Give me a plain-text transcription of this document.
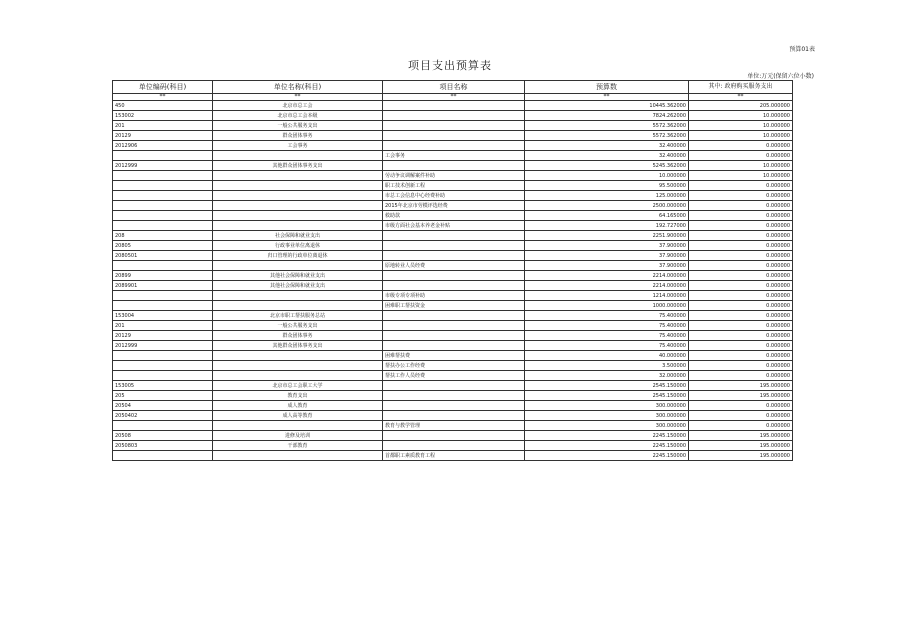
预算01表
项目支出预算表
单位:万元(保留六位小数)
单位编码(科目)	单位名称(科目)	项目名称	预算数	其中: 政府购买服务支出
**	**	**	**	**
450	北京市总工会		10445.362000	205.000000
153002	北京市总工会本级		7824.262000	10.000000
201	一般公共服务支出		5572.362000	10.000000
20129	群众团体事务		5572.362000	10.000000
2012906	工会事务		32.400000	0.000000
		工会事务	32.400000	0.000000
2012999	其他群众团体事务支出		5245.362000	10.000000
		劳动争议调解案件补助	10.000000	10.000000
		职工技术创新工程	95.500000	0.000000
		市总工会信息中心经费补助	125.000000	0.000000
		2015年北京市劳模评选经费	2500.000000	0.000000
		救助款	64.165000	0.000000
		市级方面社会基本养老金补贴	192.727000	0.000000
208	社会保障和就业支出		2251.900000	0.000000
20805	行政事业单位离退休		37.900000	0.000000
2080501	归口管理的行政单位离退休		37.900000	0.000000
		原地转业人员经费	37.900000	0.000000
20899	其他社会保障和就业支出		2214.000000	0.000000
2089901	其他社会保障和就业支出		2214.000000	0.000000
		市级专项专项补助	1214.000000	0.000000
		困难职工帮扶资金	1000.000000	0.000000
153004	北京市职工帮扶服务总站		75.400000	0.000000
201	一般公共服务支出		75.400000	0.000000
20129	群众团体事务		75.400000	0.000000
2012999	其他群众团体事务支出		75.400000	0.000000
		困难帮扶费	40.000000	0.000000
		帮扶办公工作经费	3.500000	0.000000
		帮扶工作人员经费	32.000000	0.000000
153005	北京市总工会职工大学		2545.150000	195.000000
205	教育支出		2545.150000	195.000000
20504	成人教育		300.000000	0.000000
2050402	成人高等教育		300.000000	0.000000
		教育与教学管理	300.000000	0.000000
20508	进修及培训		2245.150000	195.000000
2050803	干部教育		2245.150000	195.000000
		首都职工素质教育工程	2245.150000	195.000000
